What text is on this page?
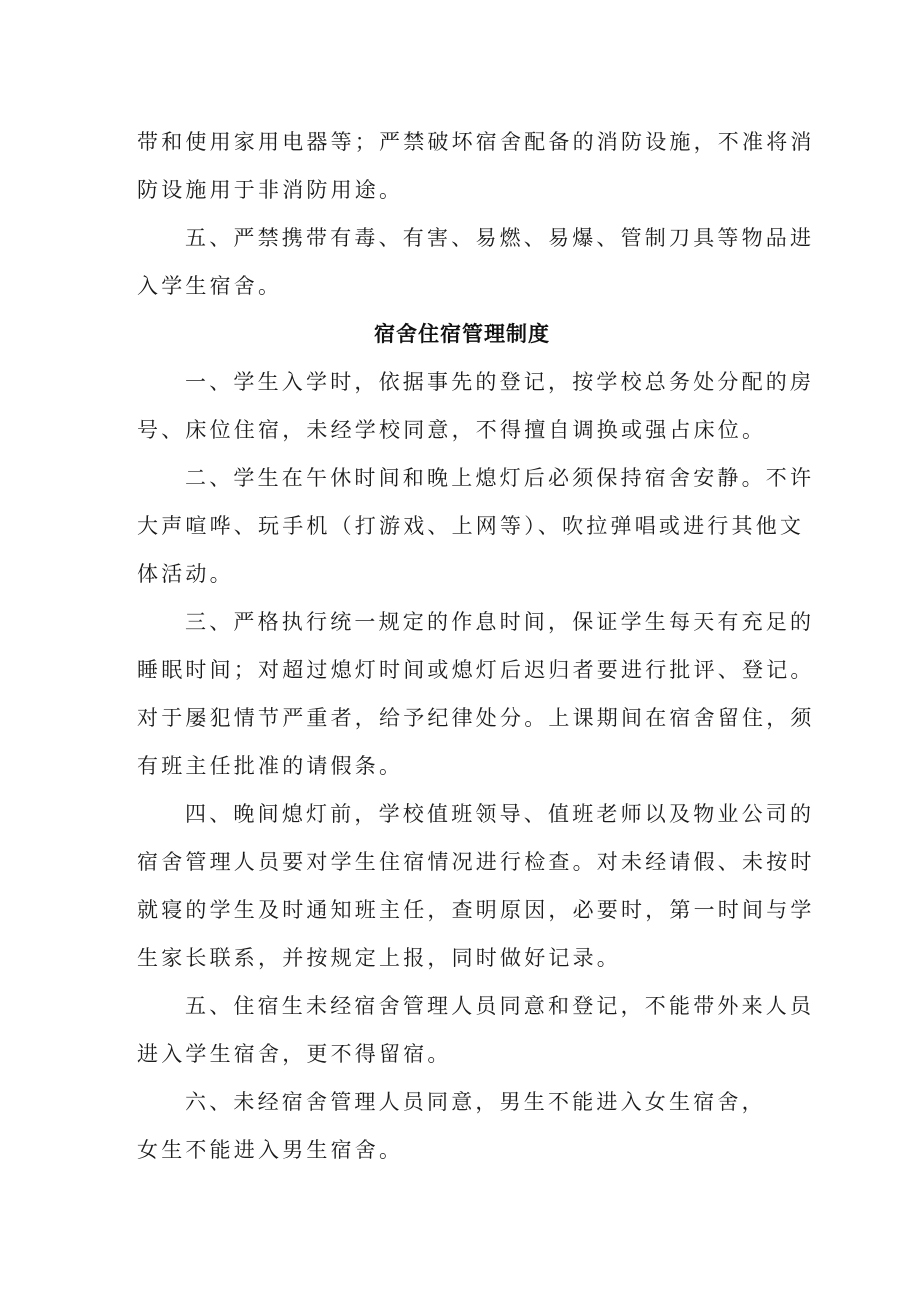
带和使用家用电器等；严禁破坏宿舍配备的消防设施，不准将消
防设施用于非消防用途。

五、严禁携带有毒、有害、易燃、易爆、管制刀具等物品进
入学生宿舍。

宿舍住宿管理制度

一、学生入学时，依据事先的登记，按学校总务处分配的房
号、床位住宿，未经学校同意，不得擅自调换或强占床位。

二、学生在午休时间和晚上熄灯后必须保持宿舍安静。不许
大声喧哗、玩手机（打游戏、上网等）、吹拉弹唱或进行其他文
体活动。

三、严格执行统一规定的作息时间，保证学生每天有充足的
睡眠时间；对超过熄灯时间或熄灯后迟归者要进行批评、登记。
对于屡犯情节严重者，给予纪律处分。上课期间在宿舍留住，须
有班主任批准的请假条。

四、晚间熄灯前，学校值班领导、值班老师以及物业公司的
宿舍管理人员要对学生住宿情况进行检查。对未经请假、未按时
就寝的学生及时通知班主任，查明原因，必要时，第一时间与学
生家长联系，并按规定上报，同时做好记录。

五、住宿生未经宿舍管理人员同意和登记，不能带外来人员
进入学生宿舍，更不得留宿。

六、未经宿舍管理人员同意，男生不能进入女生宿舍，
女生不能进入男生宿舍。
